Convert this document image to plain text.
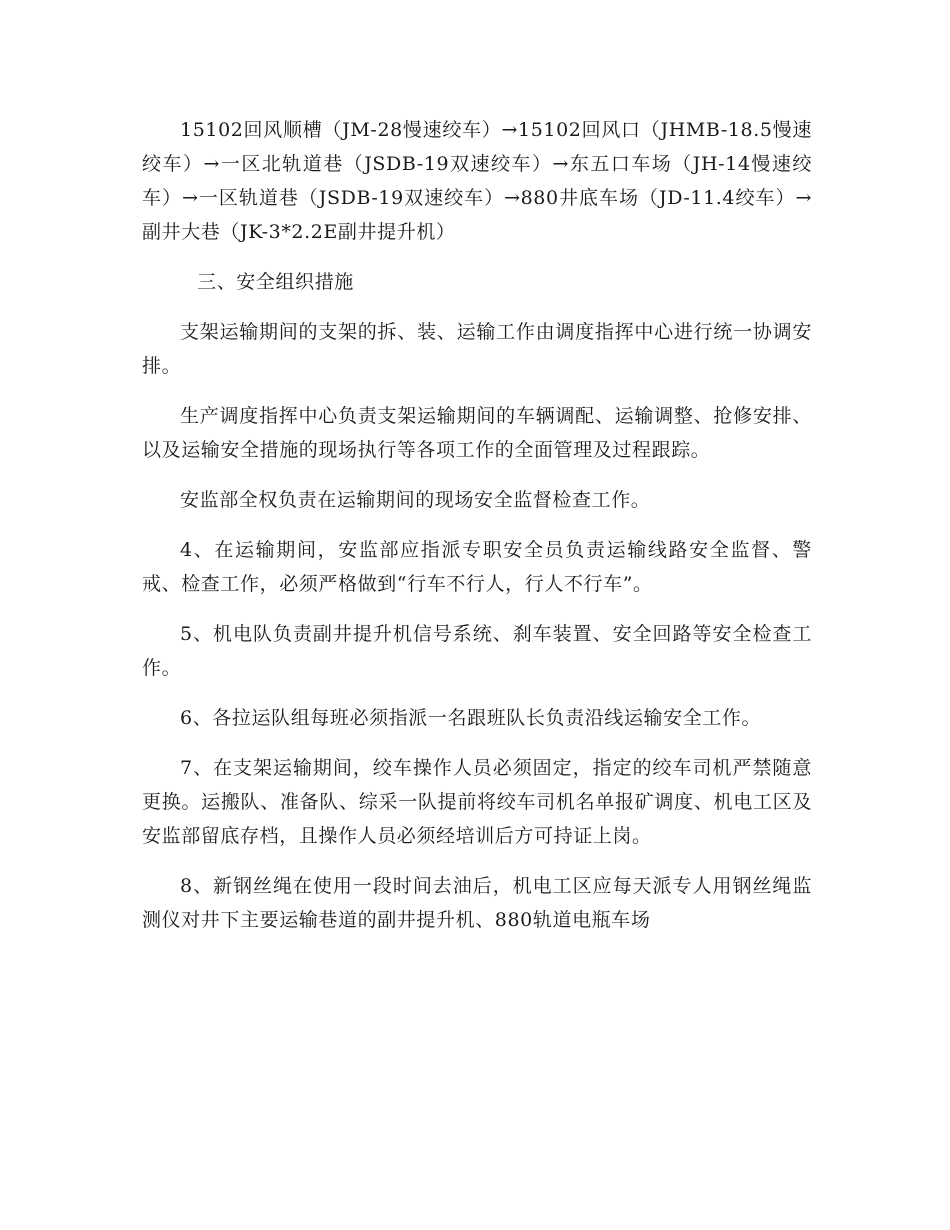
15102回风顺槽（JM-28慢速绞车）→15102回风口（JHMB-18.5慢速绞车）→一区北轨道巷（JSDB-19双速绞车）→东五口车场（JH-14慢速绞车）→一区轨道巷（JSDB-19双速绞车）→880井底车场（JD-11.4绞车）→副井大巷（JK-3*2.2E副井提升机）

三、安全组织措施

支架运输期间的支架的拆、装、运输工作由调度指挥中心进行统一协调安排。

生产调度指挥中心负责支架运输期间的车辆调配、运输调整、抢修安排、以及运输安全措施的现场执行等各项工作的全面管理及过程跟踪。

安监部全权负责在运输期间的现场安全监督检查工作。

4、在运输期间，安监部应指派专职安全员负责运输线路安全监督、警戒、检查工作，必须严格做到“行车不行人，行人不行车”。

5、机电队负责副井提升机信号系统、刹车装置、安全回路等安全检查工作。

6、各拉运队组每班必须指派一名跟班队长负责沿线运输安全工作。

7、在支架运输期间，绞车操作人员必须固定，指定的绞车司机严禁随意更换。运搬队、准备队、综采一队提前将绞车司机名单报矿调度、机电工区及安监部留底存档，且操作人员必须经培训后方可持证上岗。

8、新钢丝绳在使用一段时间去油后，机电工区应每天派专人用钢丝绳监测仪对井下主要运输巷道的副井提升机、880轨道电瓶车场
